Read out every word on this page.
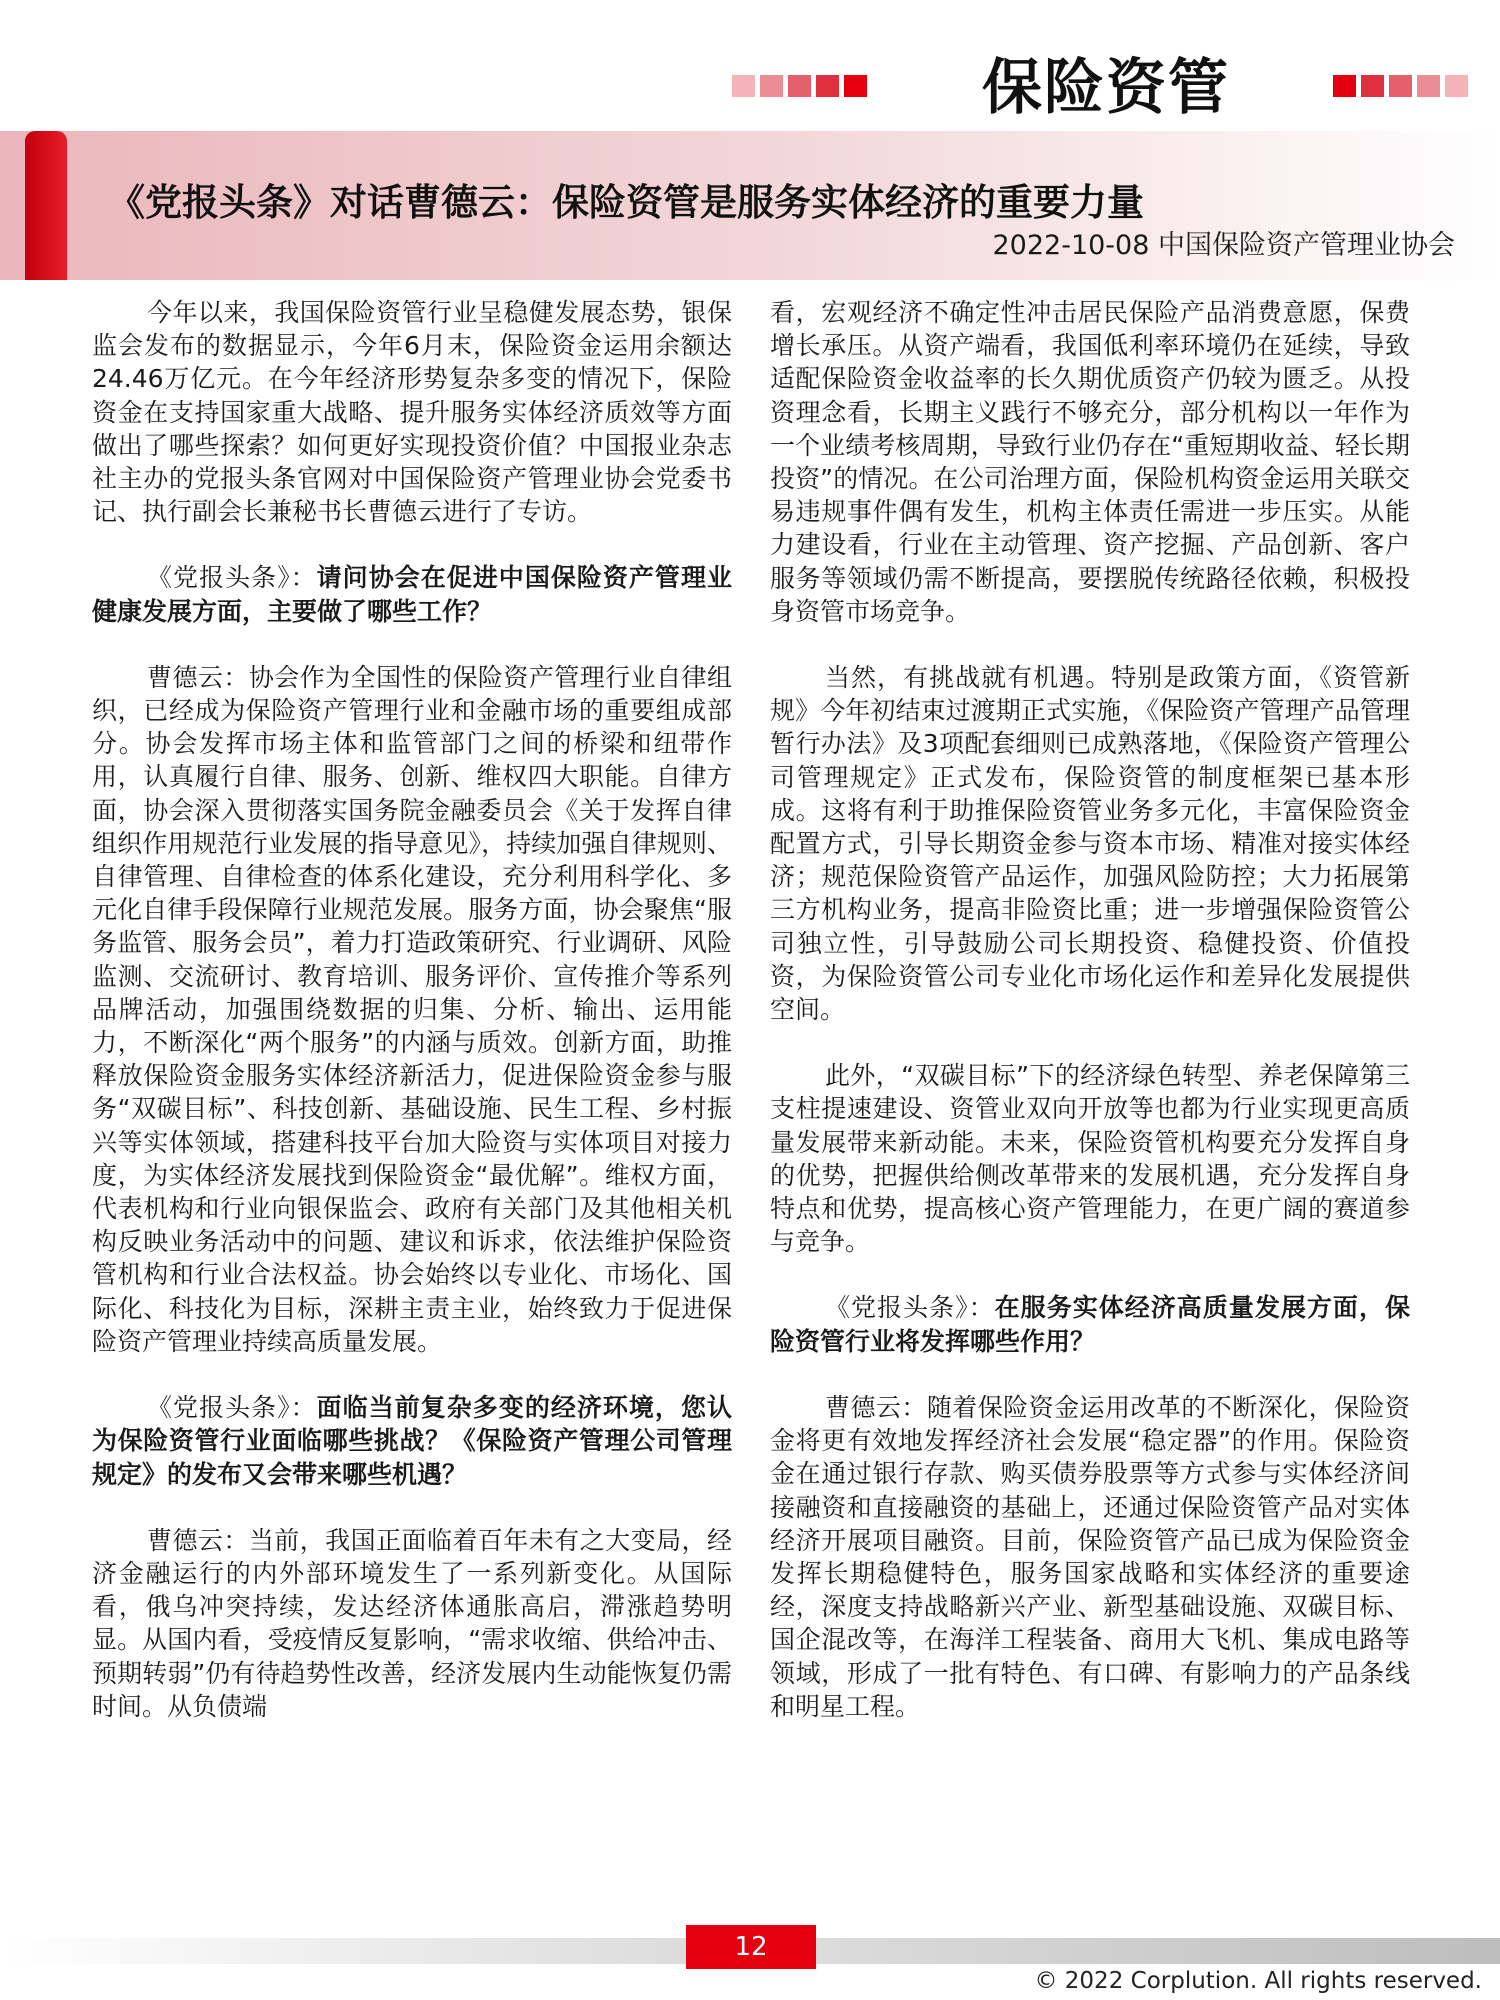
保险资管
《党报头条》对话曹德云：保险资管是服务实体经济的重要力量
2022-10-08 中国保险资产管理业协会

今年以来，我国保险资管行业呈稳健发展态势，银保监会发布的数据显示，今年6月末，保险资金运用余额达24.46万亿元。在今年经济形势复杂多变的情况下，保险资金在支持国家重大战略、提升服务实体经济质效等方面做出了哪些探索？如何更好实现投资价值？中国报业杂志社主办的党报头条官网对中国保险资产管理业协会党委书记、执行副会长兼秘书长曹德云进行了专访。

《党报头条》：请问协会在促进中国保险资产管理业健康发展方面，主要做了哪些工作？

曹德云：协会作为全国性的保险资产管理行业自律组织，已经成为保险资产管理行业和金融市场的重要组成部分。协会发挥市场主体和监管部门之间的桥梁和纽带作用，认真履行自律、服务、创新、维权四大职能。自律方面，协会深入贯彻落实国务院金融委员会《关于发挥自律组织作用规范行业发展的指导意见》，持续加强自律规则、自律管理、自律检查的体系化建设，充分利用科学化、多元化自律手段保障行业规范发展。服务方面，协会聚焦“服务监管、服务会员”，着力打造政策研究、行业调研、风险监测、交流研讨、教育培训、服务评价、宣传推介等系列品牌活动，加强围绕数据的归集、分析、输出、运用能力，不断深化“两个服务”的内涵与质效。创新方面，助推释放保险资金服务实体经济新活力，促进保险资金参与服务“双碳目标”、科技创新、基础设施、民生工程、乡村振兴等实体领域，搭建科技平台加大险资与实体项目对接力度，为实体经济发展找到保险资金“最优解”。维权方面，代表机构和行业向银保监会、政府有关部门及其他相关机构反映业务活动中的问题、建议和诉求，依法维护保险资管机构和行业合法权益。协会始终以专业化、市场化、国际化、科技化为目标，深耕主责主业，始终致力于促进保险资产管理业持续高质量发展。

《党报头条》：面临当前复杂多变的经济环境，您认为保险资管行业面临哪些挑战？《保险资产管理公司管理规定》的发布又会带来哪些机遇？

曹德云：当前，我国正面临着百年未有之大变局，经济金融运行的内外部环境发生了一系列新变化。从国际看，俄乌冲突持续，发达经济体通胀高启，滞涨趋势明显。从国内看，受疫情反复影响，“需求收缩、供给冲击、预期转弱”仍有待趋势性改善，经济发展内生动能恢复仍需时间。从负债端

看，宏观经济不确定性冲击居民保险产品消费意愿，保费增长承压。从资产端看，我国低利率环境仍在延续，导致适配保险资金收益率的长久期优质资产仍较为匮乏。从投资理念看，长期主义践行不够充分，部分机构以一年作为一个业绩考核周期，导致行业仍存在“重短期收益、轻长期投资”的情况。在公司治理方面，保险机构资金运用关联交易违规事件偶有发生，机构主体责任需进一步压实。从能力建设看，行业在主动管理、资产挖掘、产品创新、客户服务等领域仍需不断提高，要摆脱传统路径依赖，积极投身资管市场竞争。

当然，有挑战就有机遇。特别是政策方面，《资管新规》今年初结束过渡期正式实施，《保险资产管理产品管理暂行办法》及3项配套细则已成熟落地，《保险资产管理公司管理规定》正式发布，保险资管的制度框架已基本形成。这将有利于助推保险资管业务多元化，丰富保险资金配置方式，引导长期资金参与资本市场、精准对接实体经济；规范保险资管产品运作，加强风险防控；大力拓展第三方机构业务，提高非险资比重；进一步增强保险资管公司独立性，引导鼓励公司长期投资、稳健投资、价值投资，为保险资管公司专业化市场化运作和差异化发展提供空间。

此外，“双碳目标”下的经济绿色转型、养老保障第三支柱提速建设、资管业双向开放等也都为行业实现更高质量发展带来新动能。未来，保险资管机构要充分发挥自身的优势，把握供给侧改革带来的发展机遇，充分发挥自身特点和优势，提高核心资产管理能力，在更广阔的赛道参与竞争。

《党报头条》：在服务实体经济高质量发展方面，保险资管行业将发挥哪些作用？

曹德云：随着保险资金运用改革的不断深化，保险资金将更有效地发挥经济社会发展“稳定器”的作用。保险资金在通过银行存款、购买债券股票等方式参与实体经济间接融资和直接融资的基础上，还通过保险资管产品对实体经济开展项目融资。目前，保险资管产品已成为保险资金发挥长期稳健特色，服务国家战略和实体经济的重要途经，深度支持战略新兴产业、新型基础设施、双碳目标、国企混改等，在海洋工程装备、商用大飞机、集成电路等领域，形成了一批有特色、有口碑、有影响力的产品条线和明星工程。

12
© 2022 Corplution. All rights reserved.
